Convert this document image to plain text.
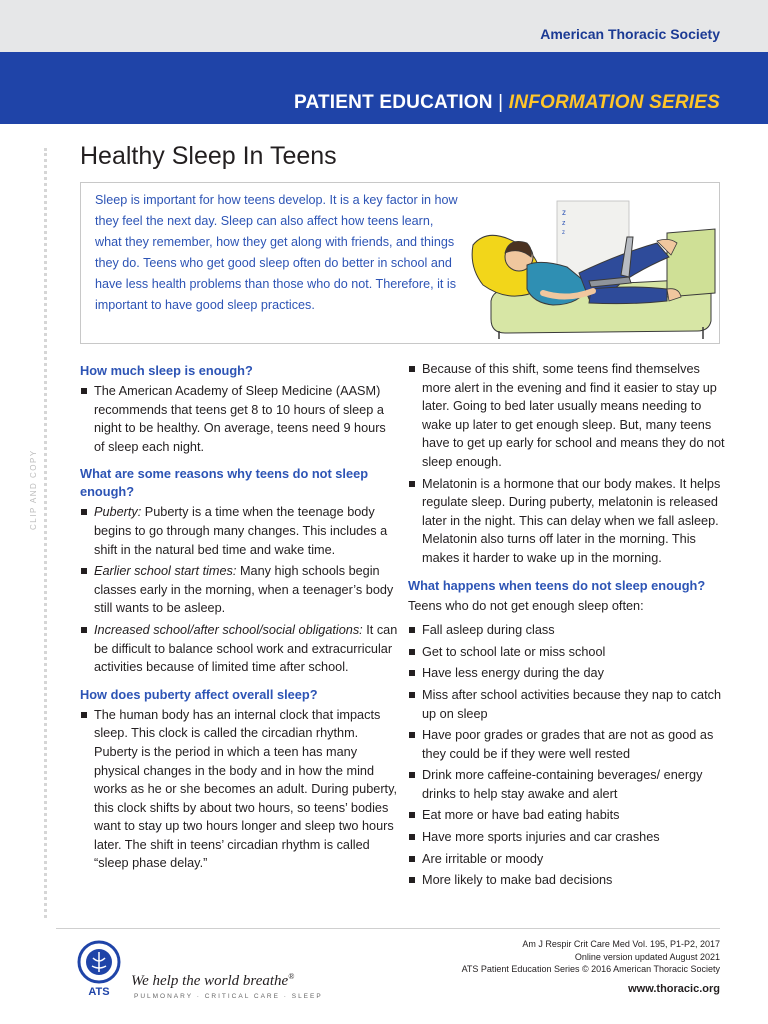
American Thoracic Society
PATIENT EDUCATION | INFORMATION SERIES
CLIP AND COPY
Healthy Sleep In Teens

Sleep is important for how teens develop. It is a key factor in how they feel the next day. Sleep can also affect how teens learn, what they remember, how they get along with friends, and things they do. Teens who get good sleep often do better in school and have less health problems than those who do not. Therefore, it is important to have good sleep practices.

z
z
z
How much sleep is enough?
The American Academy of Sleep Medicine (AASM) recommends that teens get 8 to 10 hours of sleep a night to be healthy. On average, teens need 9 hours of sleep each night.
What are some reasons why teens do not sleep enough?
Puberty: Puberty is a time when the teenage body begins to go through many changes. This includes a shift in the natural bed time and wake time.
Earlier school start times: Many high schools begin classes early in the morning, when a teenager’s body still wants to be asleep.
Increased school/after school/social obligations: It can be difficult to balance school work and extracurricular activities because of limited time after school.
How does puberty affect overall sleep?
The human body has an internal clock that impacts sleep. This clock is called the circadian rhythm. Puberty is the period in which a teen has many physical changes in the body and in how the mind works as he or she becomes an adult. During puberty, this clock shifts by about two hours, so teens’ bodies want to stay up two hours longer and sleep two hours later. The shift in teens’ circadian rhythm is called “sleep phase delay.”
Because of this shift, some teens find themselves more alert in the evening and find it easier to stay up later. Going to bed later usually means needing to wake up later to get enough sleep. But, many teens have to get up early for school and means they do not sleep enough.
Melatonin is a hormone that our body makes. It helps regulate sleep. During puberty, melatonin is released later in the night. This can delay when we fall asleep. Melatonin also turns off later in the morning. This makes it harder to wake up in the morning.
What happens when teens do not sleep enough?

Teens who do not get enough sleep often:

Fall asleep during class
Get to school late or miss school
Have less energy during the day
Miss after school activities because they nap to catch up on sleep
Have poor grades or grades that are not as good as they could be if they were well rested
Drink more caffeine-containing beverages/ energy drinks to help stay awake and alert
Eat more or have bad eating habits
Have more sports injuries and car crashes
Are irritable or moody
More likely to make bad decisions
ATS
We help the world breathe®
PULMONARY · CRITICAL CARE · SLEEP
Am J Respir Crit Care Med Vol. 195, P1-P2, 2017
Online version updated August 2021
ATS Patient Education Series © 2016 American Thoracic Society
www.thoracic.org
